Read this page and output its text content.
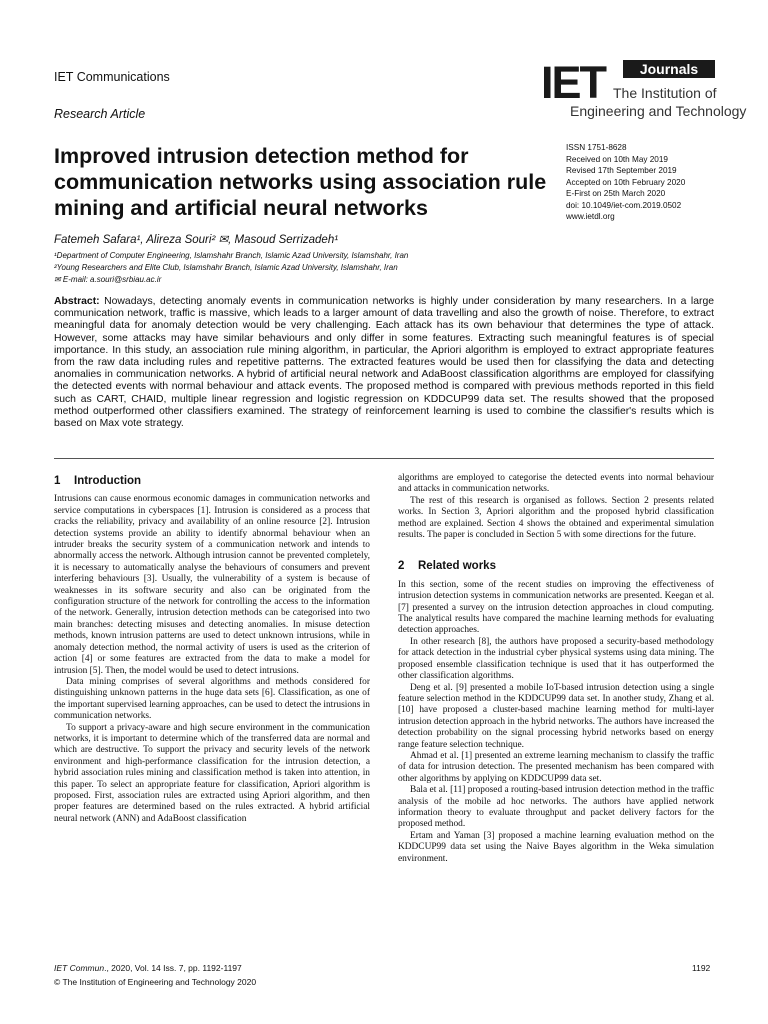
IET Communications
Research Article
IET	Journals
The Institution of
Engineering and Technology
Improved intrusion detection method for communication networks using association rule mining and artificial neural networks
ISSN 1751-8628
Received on 10th May 2019
Revised 17th September 2019
Accepted on 10th February 2020
E-First on 25th March 2020
doi: 10.1049/iet-com.2019.0502
www.ietdl.org
Fatemeh Safara¹, Alireza Souri² ✉, Masoud Serrizadeh¹
¹Department of Computer Engineering, Islamshahr Branch, Islamic Azad University, Islamshahr, Iran
²Young Researchers and Elite Club, Islamshahr Branch, Islamic Azad University, Islamshahr, Iran
✉ E-mail: a.souri@srbiau.ac.ir
Abstract: Nowadays, detecting anomaly events in communication networks is highly under consideration by many researchers. In a large communication network, traffic is massive, which leads to a larger amount of data travelling and also the growth of noise. Therefore, to extract meaningful data for anomaly detection would be very challenging. Each attack has its own behaviour that determines the type of attack. However, some attacks may have similar behaviours and only differ in some features. Extracting such meaningful features is of special importance. In this study, an association rule mining algorithm, in particular, the Apriori algorithm is employed to extract appropriate features from the raw data including rules and repetitive patterns. The extracted features would be used then for classifying the data and detecting anomalies in communication networks. A hybrid of artificial neural network and AdaBoost classification algorithms are employed for classifying the detected events with normal behaviour and attack events. The proposed method is compared with previous methods reported in this field such as CART, CHAID, multiple linear regression and logistic regression on KDDCUP99 data set. The results showed that the proposed method outperformed other classifiers examined. The strategy of reinforcement learning is used to combine the classifier's results which is based on Max vote strategy.
1 Introduction

Intrusions can cause enormous economic damages in communication networks and service computations in cyberspaces [1]. Intrusion is considered as a process that cracks the reliability, privacy and availability of an online resource [2]. Intrusion detection systems provide an ability to identify abnormal behaviour when an intruder breaks the security system of a communication network and intends to abnormally access the network. Although intrusion cannot be prevented completely, it is necessary to automatically analyse the behaviours of consumers and prevent interfering behaviours [3]. Usually, the vulnerability of a system is because of weaknesses in its software security and also can be originated from the configuration structure of the network for controlling the access to the information of the network. Generally, intrusion detection methods can be categorised into two main branches: detecting misuses and detecting anomalies. In misuse detection methods, known intrusion patterns are used to detect unknown intrusions, while in anomaly detection method, the normal activity of users is used as the criterion of action [4] or some features are extracted from the data to make a model for intrusion [5]. Then, the model would be used to detect intrusions.

Data mining comprises of several algorithms and methods considered for distinguishing unknown patterns in the huge data sets [6]. Classification, as one of the important supervised learning approaches, can be used to detect the intrusions in communication networks.

To support a privacy-aware and high secure environment in the communication networks, it is important to determine which of the transferred data are normal and which are destructive. To support the privacy and security levels of the network environment and high-performance classification for the intrusion detection, a hybrid association rules mining and classification method is taken into attention, in this paper. To select an appropriate feature for classification, Apriori algorithm is proposed. First, association rules are extracted using Apriori algorithm, and then proper features are determined based on the rules extracted. A hybrid artificial neural network (ANN) and AdaBoost classification

algorithms are employed to categorise the detected events into normal behaviour and attacks in communication networks.

The rest of this research is organised as follows. Section 2 presents related works. In Section 3, Apriori algorithm and the proposed hybrid classification method are explained. Section 4 shows the obtained and experimental simulation results. The paper is concluded in Section 5 with some directions for the future.

2 Related works

In this section, some of the recent studies on improving the effectiveness of intrusion detection systems in communication networks are presented. Keegan et al. [7] presented a survey on the intrusion detection approaches in cloud computing. The analytical results have compared the machine learning methods for evaluating detection approaches.

In other research [8], the authors have proposed a security-based methodology for attack detection in the industrial cyber physical systems using data mining. The proposed ensemble classification technique is used that it has outperformed the other classification algorithms.

Deng et al. [9] presented a mobile IoT-based intrusion detection using a single feature selection method in the KDDCUP99 data set. In another study, Zhang et al. [10] have proposed a cluster-based machine learning method for multi-layer intrusion detection approach in the hybrid networks. The authors have increased the detection probability on the signal processing hybrid networks based on energy range feature selection technique.

Ahmad et al. [1] presented an extreme learning mechanism to classify the traffic of data for intrusion detection. The presented mechanism has been compared with other algorithms by applying on KDDCUP99 data set.

Bala et al. [11] proposed a routing-based intrusion detection method in the traffic analysis of the mobile ad hoc networks. The authors have applied network information theory to evaluate throughput and packet delivery factors for the proposed method.

Ertam and Yaman [3] proposed a machine learning evaluation method on the KDDCUP99 data set using the Naive Bayes algorithm in the Weka simulation environment.

IET Commun., 2020, Vol. 14 Iss. 7, pp. 1192-1197
© The Institution of Engineering and Technology 2020
1192
